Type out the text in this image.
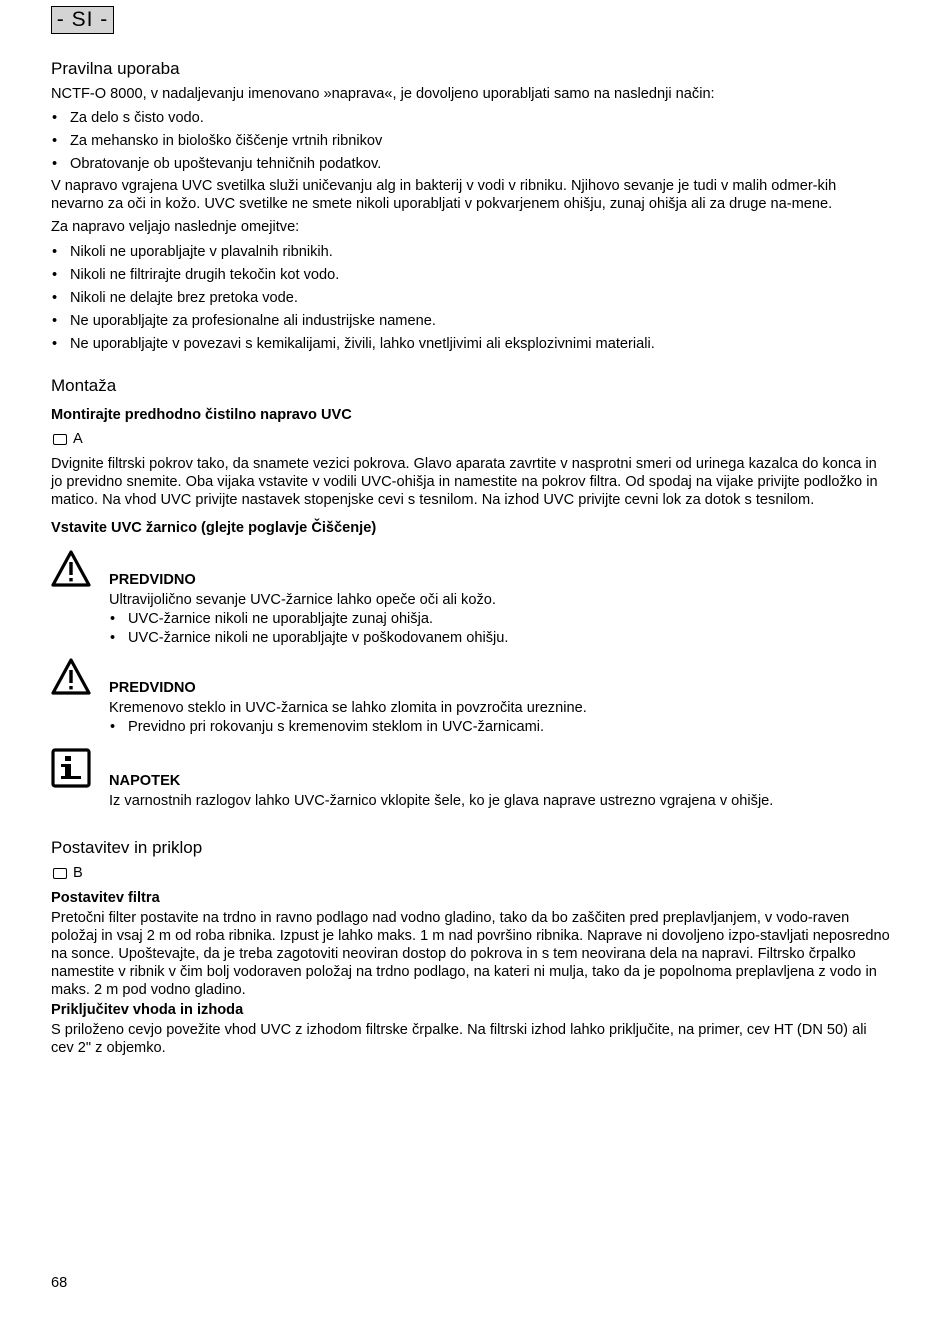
- SI -
Pravilna uporaba

NCTF-O 8000, v nadaljevanju imenovano »naprava«, je dovoljeno uporabljati samo na naslednji način:

• Za delo s čisto vodo.
• Za mehansko in biološko čiščenje vrtnih ribnikov
• Obratovanje ob upoštevanju tehničnih podatkov.

V napravo vgrajena UVC svetilka služi uničevanju alg in bakterij v vodi v ribniku. Njihovo sevanje je tudi v malih odmer-kih nevarno za oči in kožo. UVC svetilke ne smete nikoli uporabljati v pokvarjenem ohišju, zunaj ohišja ali za druge na-mene.

Za napravo veljajo naslednje omejitve:

• Nikoli ne uporabljajte v plavalnih ribnikih.
• Nikoli ne filtrirajte drugih tekočin kot vodo.
• Nikoli ne delajte brez pretoka vode.
• Ne uporabljajte za profesionalne ali industrijske namene.
• Ne uporabljajte v povezavi s kemikalijami, živili, lahko vnetljivimi ali eksplozivnimi materiali.
Montaža
Montirajte predhodno čistilno napravo UVC
A

Dvignite filtrski pokrov tako, da snamete vezici pokrova. Glavo aparata zavrtite v nasprotni smeri od urinega kazalca do konca in jo previdno snemite. Oba vijaka vstavite v vodili UVC-ohišja in namestite na pokrov filtra. Od spodaj na vijake privijte podložko in matico. Na vhod UVC privijte nastavek stopenjske cevi s tesnilom. Na izhod UVC privijte cevni lok za dotok s tesnilom.

Vstavite UVC žarnico (glejte poglavje Čiščenje)
PREDVIDNO

Ultravijolično sevanje UVC-žarnice lahko opeče oči ali kožo.

• UVC-žarnice nikoli ne uporabljajte zunaj ohišja.
• UVC-žarnice nikoli ne uporabljajte v poškodovanem ohišju.
PREDVIDNO

Kremenovo steklo in UVC-žarnica se lahko zlomita in povzročita ureznine.

• Previdno pri rokovanju s kremenovim steklom in UVC-žarnicami.
NAPOTEK

Iz varnostnih razlogov lahko UVC-žarnico vklopite šele, ko je glava naprave ustrezno vgrajena v ohišje.

Postavitev in priklop
B
Postavitev filtra

Pretočni filter postavite na trdno in ravno podlago nad vodno gladino, tako da bo zaščiten pred preplavljanjem, v vodo-raven položaj in vsaj 2 m od roba ribnika. Izpust je lahko maks. 1 m nad površino ribnika. Napravе ni dovoljeno izpo-stavljati neposredno na sonce. Upoštevajte, da je treba zagotoviti neoviran dostop do pokrova in s tem neovirana dela na napravi. Filtrsko črpalko namestite v ribnik v čim bolj vodoraven položaj na trdno podlago, na kateri ni mulja, tako da je popolnoma preplavljena z vodo in maks. 2 m pod vodno gladino.

Priključitev vhoda in izhoda

S priloženo cevjo povežite vhod UVC z izhodom filtrske črpalke. Na filtrski izhod lahko priključite, na primer, cev HT (DN 50) ali cev 2" z objemko.

68
